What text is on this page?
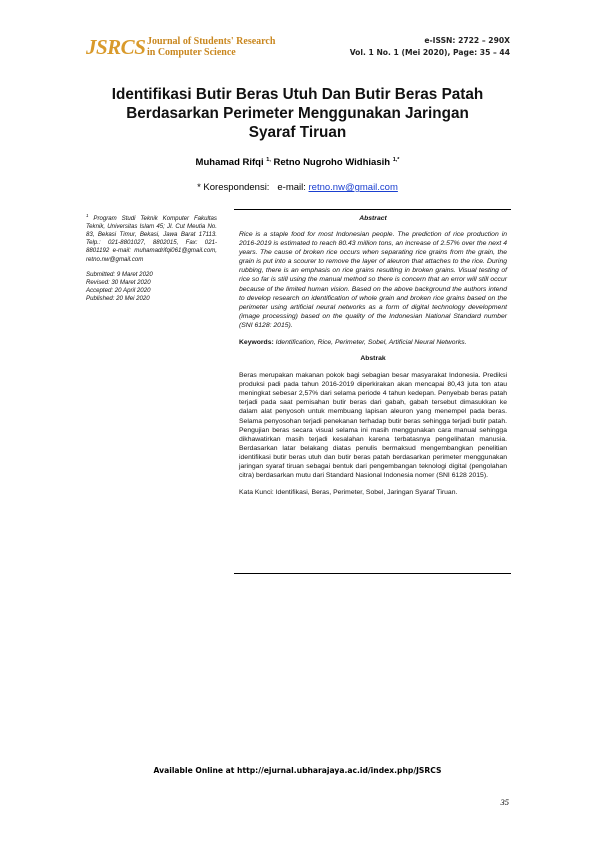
JSRCS Journal of Students' Research
in Computer Science
e-ISSN: 2722 – 290X
Vol. 1 No. 1 (Mei 2020), Page: 35 – 44
Identifikasi Butir Beras Utuh Dan Butir Beras Patah
Berdasarkan Perimeter Menggunakan Jaringan
Syaraf Tiruan
Muhamad Rifqi $^{1,}$ Retno Nugroho Widhiasih $^{1,*}$
* Korespondensi:   e-mail: retno.nw@gmail.com
$^1$ Program Studi Teknik Komputer Fakultas Teknik, Universitas Islam 45; Jl. Cut Meutia No. 83, Bekasi Timur, Bekasi, Jawa Barat 17113. Telp.: 021-8801027, 8802015, Fax: 021-8801192 e-mail: muhamadrifqi061@gmail.com, retno.nw@gmail.com
Submitted: 9 Maret 2020
Revised: 30 Maret 2020
Accepted: 20 April 2020
Published: 20 Mei 2020
Abstract
Rice is a staple food for most Indonesian people. The prediction of rice production in 2016-2019 is estimated to reach 80.43 million tons, an increase of 2.57% over the next 4 years. The cause of broken rice occurs when separating rice grains from the grain, the grain is put into a scourer to remove the layer of aleuron that attaches to the rice. During rubbing, there is an emphasis on rice grains resulting in broken grains. Visual testing of rice so far is still using the manual method so there is concern that an error will still occur because of the limited human vision. Based on the above background the authors intend to develop research on identification of whole grain and broken rice grains based on the perimeter using artificial neural networks as a form of digital technology development (image processing) based on the quality of the Indonesian National Standard number (SNI 6128: 2015).
Keywords: Identification, Rice, Perimeter, Sobel, Artificial Neural Networks.
Abstrak
Beras merupakan makanan pokok bagi sebagian besar masyarakat Indonesia. Prediksi produksi padi pada tahun 2016-2019 diperkirakan akan mencapai 80,43 juta ton atau meningkat sebesar 2,57% dari selama periode 4 tahun kedepan. Penyebab beras patah terjadi pada saat pemisahan butir beras dari gabah, gabah tersebut dimasukkan ke dalam alat penyosoh untuk membuang lapisan aleuron yang menempel pada beras. Selama penyosohan terjadi penekanan terhadap butir beras sehingga terjadi butir patah. Pengujian beras secara visual selama ini masih menggunakan cara manual sehingga dikhawatirkan masih terjadi kesalahan karena terbatasnya pengelihatan manusia. Berdasarkan latar belakang diatas penulis bermaksud mengembangkan penelitian identifikasi butir beras utuh dan butir beras patah berdasarkan perimeter menggunakan jaringan syaraf tiruan sebagai bentuk dari pengembangan teknologi digital (pengolahan citra) berdasarkan mutu dari Standard Nasional Indonesia nomer (SNI 6128 2015).
Kata Kunci: Identifikasi, Beras, Perimeter, Sobel, Jaringan Syaraf Tiruan.
Available Online at http://ejurnal.ubharajaya.ac.id/index.php/JSRCS
35
